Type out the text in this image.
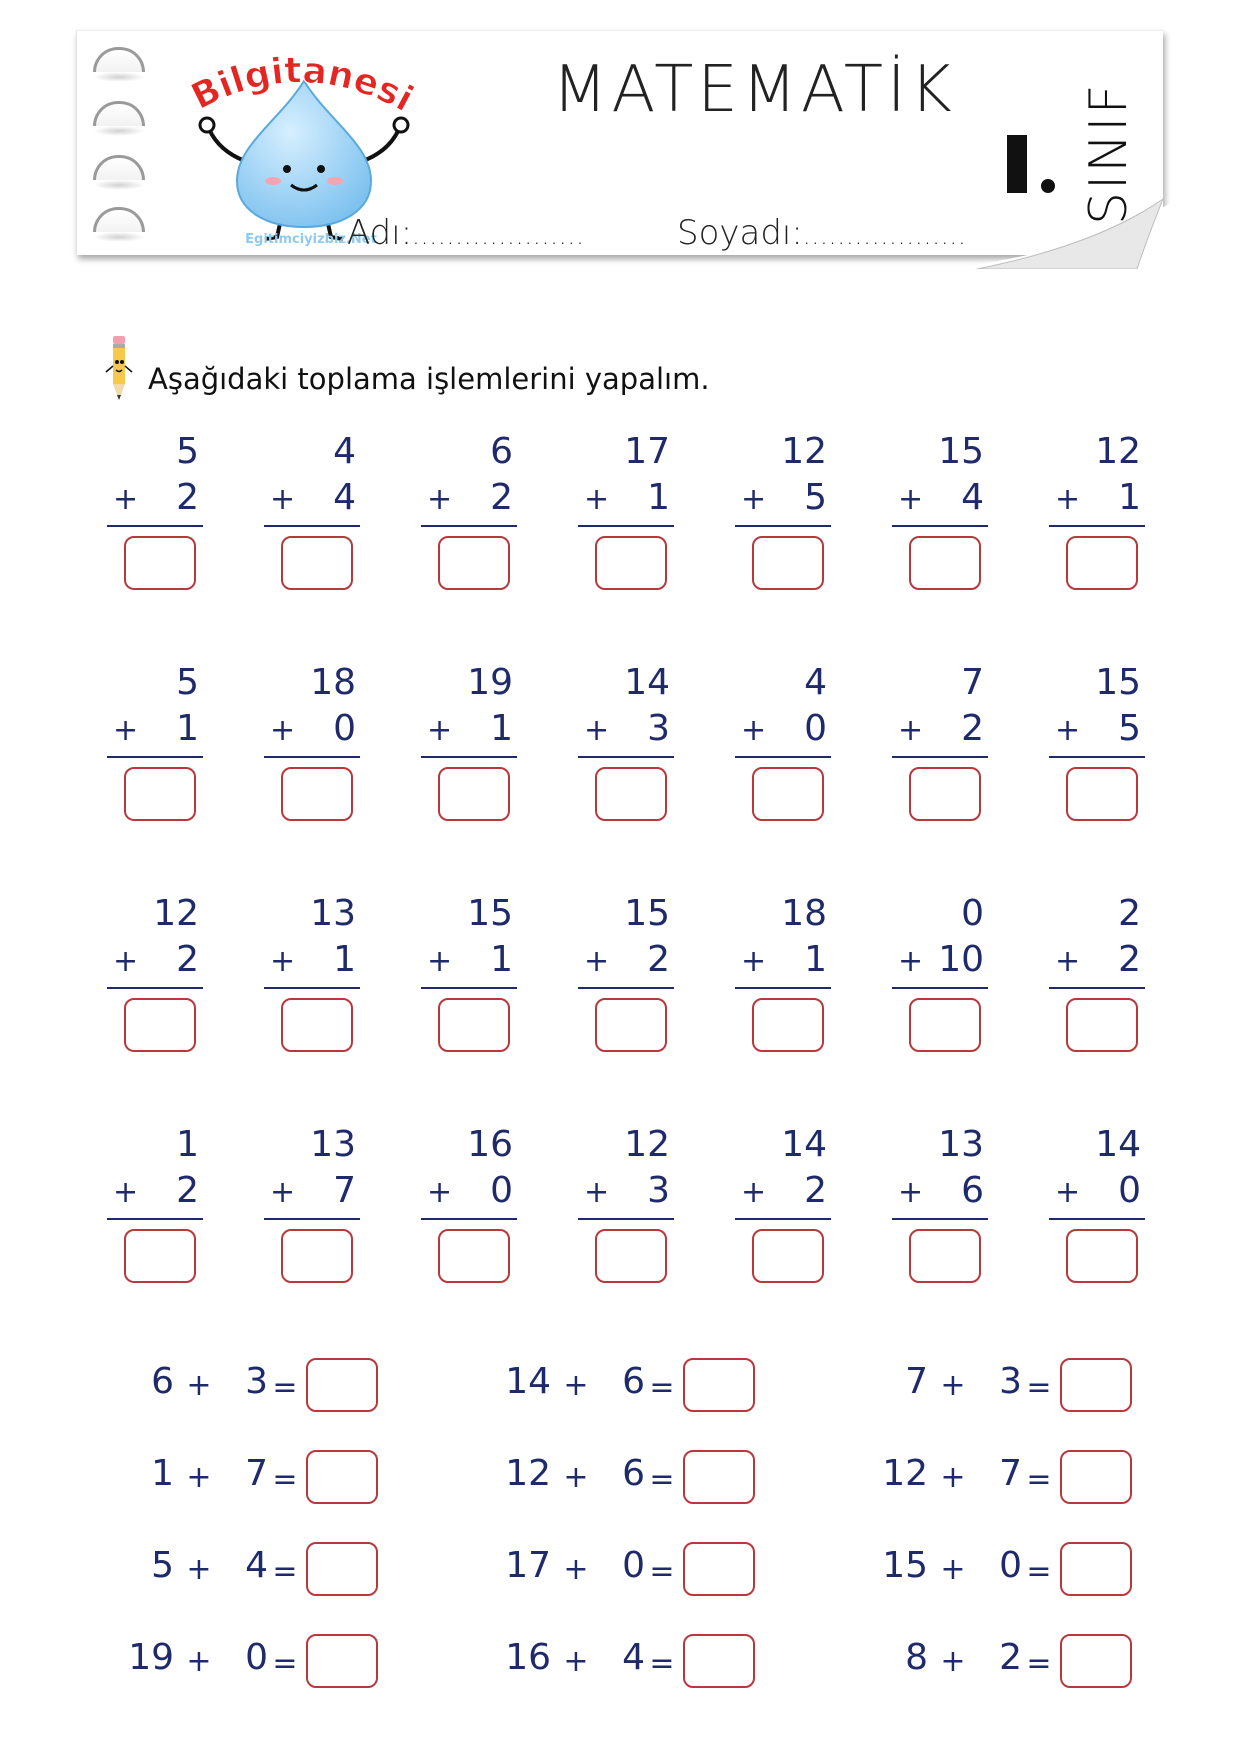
Bilgitanesi
Egitimciyizbiz.Net
MATEMATİK	SINIF
Adı:....................	Soyadı:...................
Aşağıdaki toplama işlemlerini yapalım.
5
+ 2
4
+ 4
6
+ 2
17
+ 1
12
+ 5
15
+ 4
12
+ 1
5
+ 1
18
+ 0
19
+ 1
14
+ 3
4
+ 0
7
+ 2
15
+ 5
12
+ 2
13
+ 1
15
+ 1
15
+ 2
18
+ 1
0
+ 10
2
+ 2
1
+ 2
13
+ 7
16
+ 0
12
+ 3
14
+ 2
13
+ 6
14
+ 0
6 + 3 =	14 + 6 =	7 + 3 =
1 + 7 =	12 + 6 =	12 + 7 =
5 + 4 =	17 + 0 =	15 + 0 =
19 + 0 =	16 + 4 =	8 + 2 =
